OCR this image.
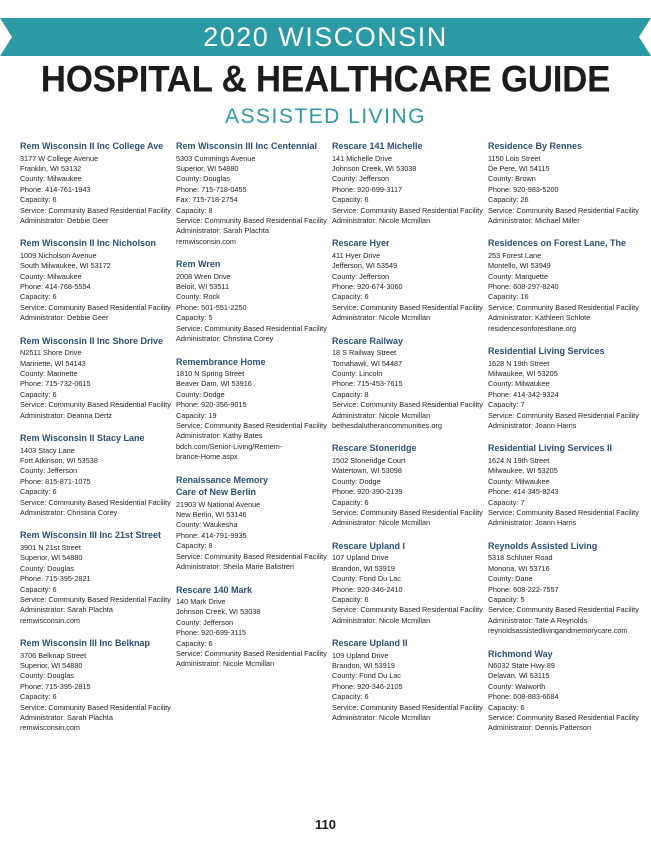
2020 WISCONSIN
HOSPITAL & HEALTHCARE GUIDE
ASSISTED LIVING
Rem Wisconsin II Inc College Ave
3177 W College Avenue
Franklin, WI 53132
County: Milwaukee
Phone: 414-761-1943
Capacity: 6
Service: Community Based Residential Facility
Administrator: Debbie Geer
Rem Wisconsin II Inc Nicholson
1009 Nicholson Avenue
South Milwaukee, WI 53172
County: Milwaukee
Phone: 414-768-5554
Capacity: 6
Service: Community Based Residential Facility
Administrator: Debbie Geer
Rem Wisconsin II Inc Shore Drive
N2511 Shore Drive
Marinette, WI 54143
County: Marinette
Phone: 715-732-0615
Capacity: 6
Service: Community Based Residential Facility
Administrator: Deanna Dertz
Rem Wisconsin II Stacy Lane
1403 Stacy Lane
Fort Atkinson, WI 53538
County: Jefferson
Phone: 815-871-1075
Capacity: 6
Service: Community Based Residential Facility
Administrator: Christina Corey
Rem Wisconsin III Inc 21st Street
3901 N 21st Street
Superior, WI 54880
County: Douglas
Phone: 715-395-2821
Capacity: 6
Service: Community Based Residential Facility
Administrator: Sarah Plachta
remwisconsin.com
Rem Wisconsin III Inc Belknap
3706 Belknap Street
Superior, WI 54880
County: Douglas
Phone: 715-395-2815
Capacity: 6
Service: Community Based Residential Facility
Administrator: Sarah Plachta
remwisconsin.com
Rem Wisconsin III Inc Centennial
5303 Cummings Avenue
Superior, WI 54880
County: Douglas
Phone: 715-718-0455
Fax: 715-718-2754
Capacity: 8
Service: Community Based Residential Facility
Administrator: Sarah Plachta
remwisconsin.com
Rem Wren
2008 Wren Drive
Beloit, WI 53511
County: Rock
Phone: 501-551-2250
Capacity: 5
Service: Community Based Residential Facility
Administrator: Christina Corey
Remembrance Home
1810 N Spring Street
Beaver Dam, WI 53916
County: Dodge
Phone: 920-356-9015
Capacity: 19
Service: Community Based Residential Facility
Administrator: Kathy Bates
bdch.com/Senior-Living/Remem-
brance-Home.aspx
Renaissance Memory
Care of New Berlin
21903 W National Avenue
New Berlin, WI 53146
County: Waukesha
Phone: 414-791-9935
Capacity: 8
Service: Community Based Residential Facility
Administrator: Sheila Marie Balistreri
Rescare 140 Mark
140 Mark Drive
Johnson Creek, WI 53038
County: Jefferson
Phone: 920-699-3115
Capacity: 6
Service: Community Based Residential Facility
Administrator: Nicole Mcmillan
Rescare 141 Michelle
141 Michelle Drive
Johnson Creek, WI 53038
County: Jefferson
Phone: 920-699-3117
Capacity: 6
Service: Community Based Residential Facility
Administrator: Nicole Mcmillan
Rescare Hyer
411 Hyer Drive
Jefferson, WI 53549
County: Jefferson
Phone: 920-674-3060
Capacity: 6
Service: Community Based Residential Facility
Administrator: Nicole Mcmillan
Rescare Railway
18 S Railway Street
Tomahawk, WI 54487
County: Lincoln
Phone: 715-453-7615
Capacity: 8
Service: Community Based Residential Facility
Administrator: Nicole Mcmillan
bethesdalutherancommunities.org
Rescare Stoneridge
1502 Stoneridge Court
Watertown, WI 53098
County: Dodge
Phone: 920-390-2139
Capacity: 6
Service: Community Based Residential Facility
Administrator: Nicole Mcmillan
Rescare Upland I
107 Upland Drive
Brandon, WI 53919
County: Fond Du Lac
Phone: 920-346-2410
Capacity: 6
Service: Community Based Residential Facility
Administrator: Nicole Mcmillan
Rescare Upland II
109 Upland Drive
Brandon, WI 53919
County: Fond Du Lac
Phone: 920-346-2105
Capacity: 6
Service: Community Based Residential Facility
Administrator: Nicole Mcmillan
Residence By Rennes
1150 Lois Street
De Pere, WI 54115
County: Brown
Phone: 920-983-5200
Capacity: 26
Service: Community Based Residential Facility
Administrator: Michael Miller
Residences on Forest Lane, The
253 Forest Lane
Montello, WI 53949
County: Marquette
Phone: 608-297-8240
Capacity: 16
Service: Community Based Residential Facility
Administrator: Kathleen Schlote
residencesonforestlane.org
Residential Living Services
1628 N 19th Street
Milwaukee, WI 53205
County: Milwaukee
Phone: 414-342-9324
Capacity: 7
Service: Community Based Residential Facility
Administrator: Joann Harris
Residential Living Services II
1624 N 19th Street
Milwaukee, WI 53205
County: Milwaukee
Phone: 414-345-8243
Capacity: 7
Service: Community Based Residential Facility
Administrator: Joann Harris
Reynolds Assisted Living
5318 Schluter Road
Monona, WI 53716
County: Dane
Phone: 608-222-7557
Capacity: 5
Service: Community Based Residential Facility
Administrator: Tate A Reynolds
reynoldsassistedlivingandmemorycare.com
Richmond Way
N6032 State Hwy 89
Delavan, WI 53115
County: Walworth
Phone: 608-883-6684
Capacity: 6
Service: Community Based Residential Facility
Administrator: Dennis Patterson
110
